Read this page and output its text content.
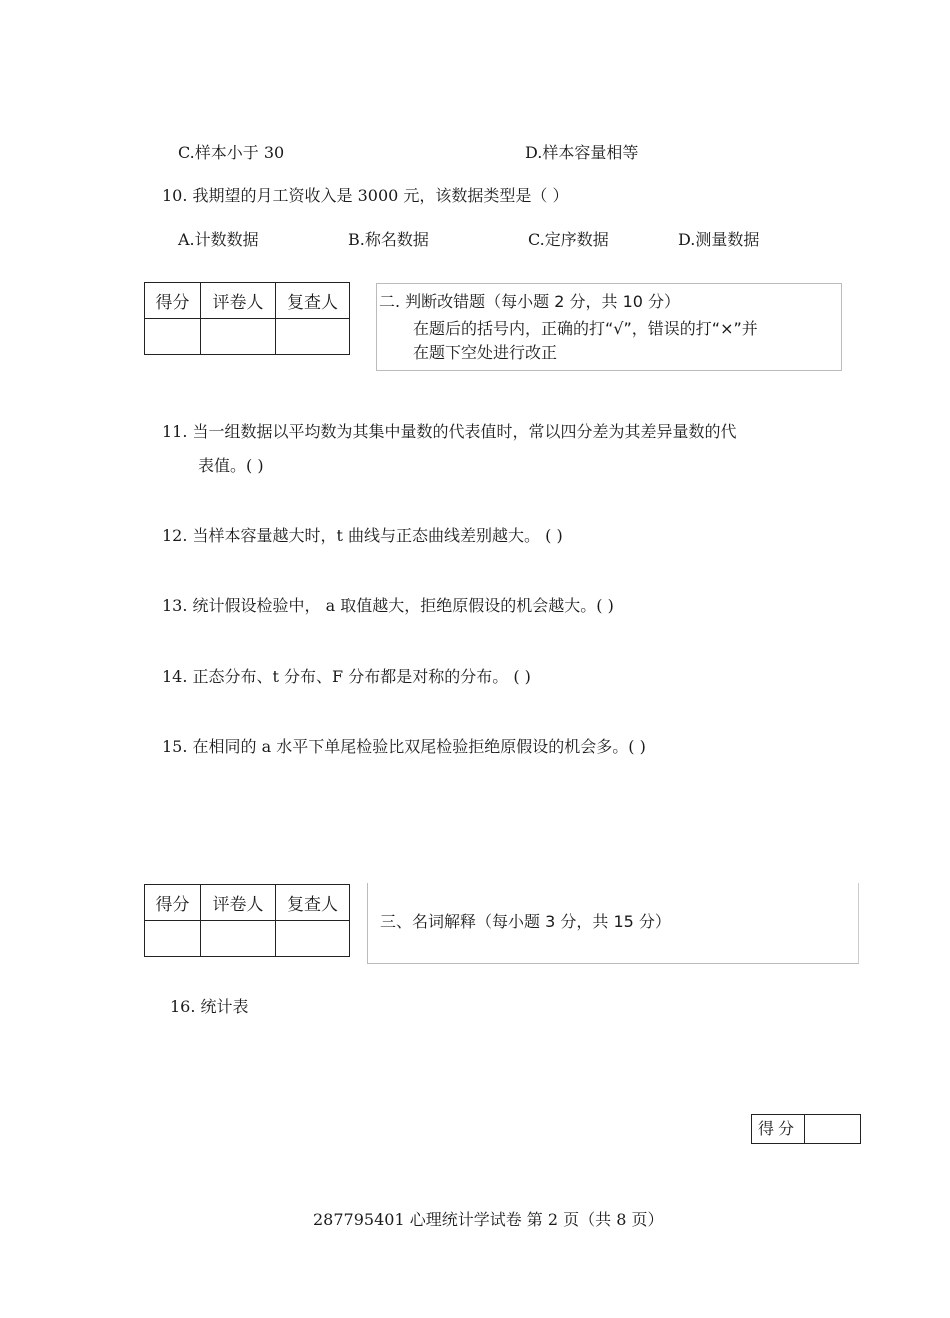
C.样本小于 30	D.样本容量相等
10. 我期望的月工资收入是 3000 元，该数据类型是（ ）
A.计数数据	B.称名数据	C.定序数据	D.测量数据
得分	评卷人	复查人
			二. 判断改错题（每小题 2 分，共 10 分）
在题后的括号内，正确的打“√”，错误的打“×”并
在题下空处进行改正
11. 当一组数据以平均数为其集中量数的代表值时，常以四分差为其差异量数的代
表值。( )
12. 当样本容量越大时，t 曲线与正态曲线差别越大。 ( )
13. 统计假设检验中， a 取值越大，拒绝原假设的机会越大。( )
14. 正态分布、t 分布、F 分布都是对称的分布。 ( )
15. 在相同的 a 水平下单尾检验比双尾检验拒绝原假设的机会多。( )
得分	评卷人	复查人

三、名词解释（每小题 3 分，共 15 分）
16. 统计表
得分
287795401 心理统计学试卷 第 2 页（共 8 页）
